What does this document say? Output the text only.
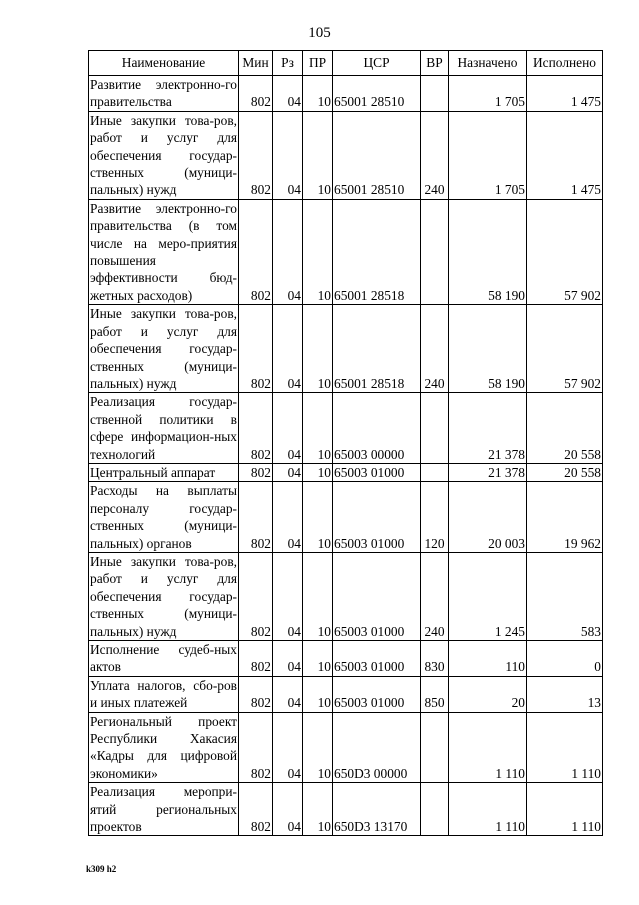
105
Наименование	Мин	Рз	ПР	ЦСР	ВР	Назначено	Исполнено
Развитие электронно-го правительства	802	04	10	65001 28510		1 705	1 475
Иные закупки това-ров, работ и услуг для обеспечения государ-ственных (муници-пальных) нужд	802	04	10	65001 28510	240	1 705	1 475
Развитие электронно-го правительства (в том числе на меро-приятия повышения эффективности бюд-жетных расходов)	802	04	10	65001 28518		58 190	57 902
Иные закупки това-ров, работ и услуг для обеспечения государ-ственных (муници-пальных) нужд	802	04	10	65001 28518	240	58 190	57 902
Реализация государ-ственной политики в сфере информацион-ных технологий	802	04	10	65003 00000		21 378	20 558
Центральный аппарат	802	04	10	65003 01000		21 378	20 558
Расходы на выплаты персоналу государ-ственных (муници-пальных) органов	802	04	10	65003 01000	120	20 003	19 962
Иные закупки това-ров, работ и услуг для обеспечения государ-ственных (муници-пальных) нужд	802	04	10	65003 01000	240	1 245	583
Исполнение судеб-ных актов	802	04	10	65003 01000	830	110	0
Уплата налогов, сбо-ров и иных платежей	802	04	10	65003 01000	850	20	13
Региональный проект Республики Хакасия «Кадры для цифровой экономики»	802	04	10	650D3 00000		1 110	1 110
Реализация меропри-ятий региональных проектов	802	04	10	650D3 13170		1 110	1 110
k309 h2
